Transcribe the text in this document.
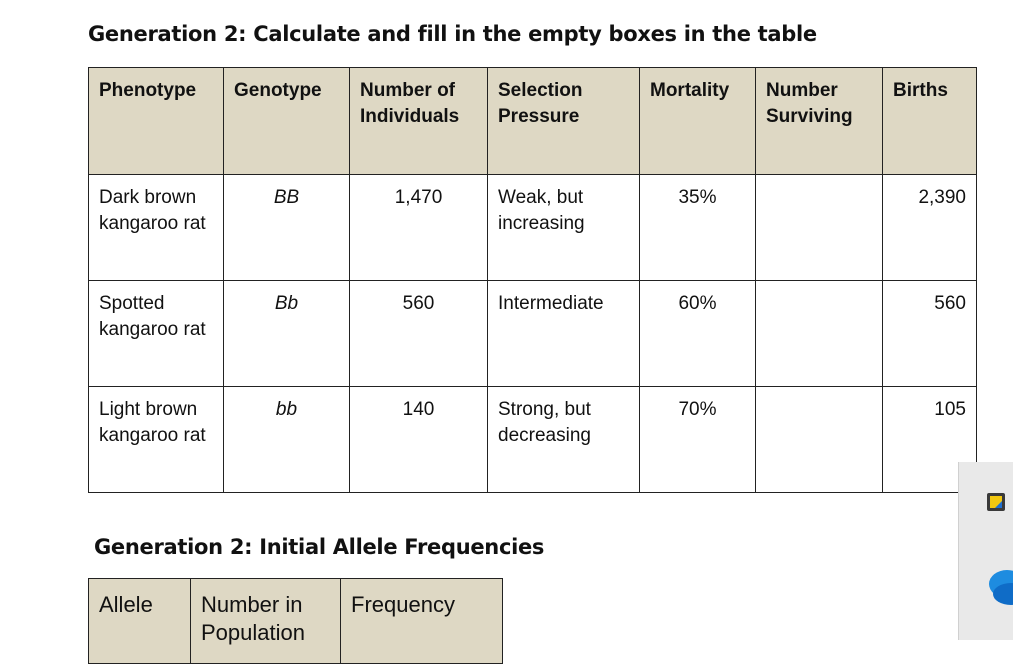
Generation 2: Calculate and fill in the empty boxes in the table
Phenotype	Genotype	Number of Individuals	Selection Pressure	Mortality	Number Surviving	Births
Dark brown kangaroo rat	BB	1,470	Weak, but increasing	35%		2,390
Spotted kangaroo rat	Bb	560	Intermediate	60%		560
Light brown kangaroo rat	bb	140	Strong, but decreasing	70%		105
Generation 2: Initial Allele Frequencies
Allele	Number in Population	Frequency
